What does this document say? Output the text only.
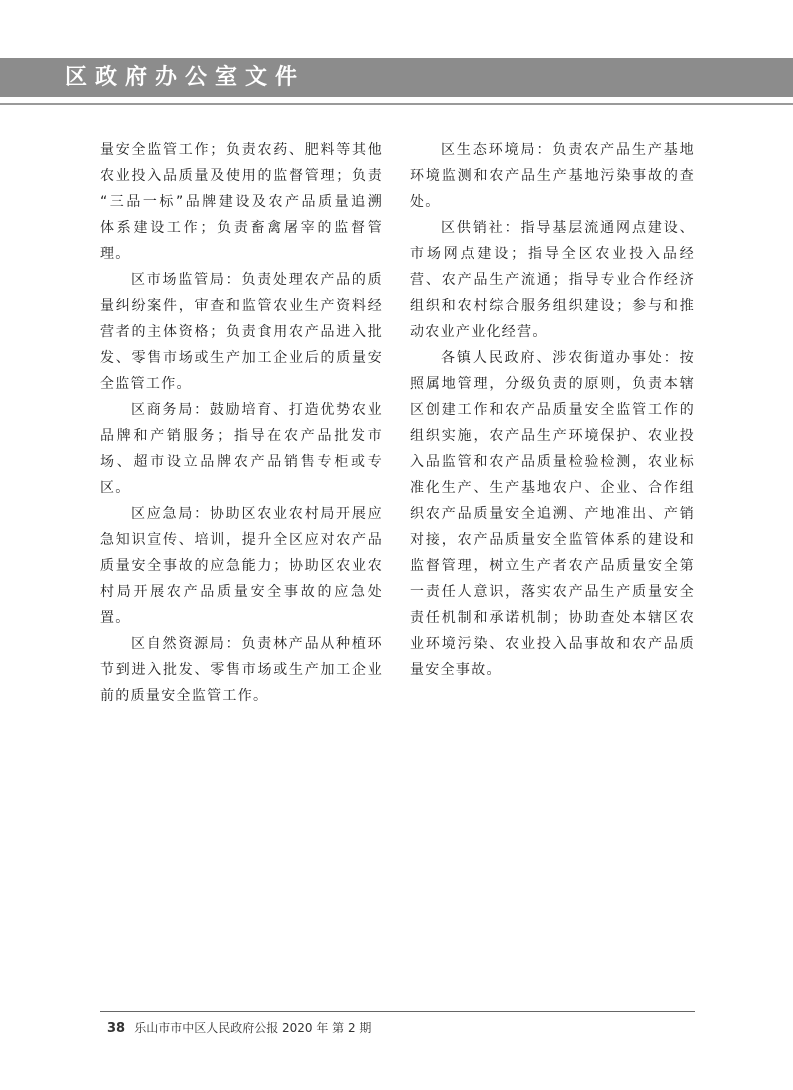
区政府办公室文件
量安全监管工作；负责农药、肥料等其他
农业投入品质量及使用的监督管理；负责
“三品一标”品牌建设及农产品质量追溯
体系建设工作；负责畜禽屠宰的监督管
理。
区市场监管局：负责处理农产品的质
量纠纷案件，审查和监管农业生产资料经
营者的主体资格；负责食用农产品进入批
发、零售市场或生产加工企业后的质量安
全监管工作。
区商务局：鼓励培育、打造优势农业
品牌和产销服务；指导在农产品批发市
场、超市设立品牌农产品销售专柜或专
区。
区应急局：协助区农业农村局开展应
急知识宣传、培训，提升全区应对农产品
质量安全事故的应急能力；协助区农业农
村局开展农产品质量安全事故的应急处
置。
区自然资源局：负责林产品从种植环
节到进入批发、零售市场或生产加工企业
前的质量安全监管工作。
区生态环境局：负责农产品生产基地
环境监测和农产品生产基地污染事故的查
处。
区供销社：指导基层流通网点建设、
市场网点建设；指导全区农业投入品经
营、农产品生产流通；指导专业合作经济
组织和农村综合服务组织建设；参与和推
动农业产业化经营。
各镇人民政府、涉农街道办事处：按
照属地管理，分级负责的原则，负责本辖
区创建工作和农产品质量安全监管工作的
组织实施，农产品生产环境保护、农业投
入品监管和农产品质量检验检测，农业标
准化生产、生产基地农户、企业、合作组
织农产品质量安全追溯、产地准出、产销
对接，农产品质量安全监管体系的建设和
监督管理，树立生产者农产品质量安全第
一责任人意识，落实农产品生产质量安全
责任机制和承诺机制；协助查处本辖区农
业环境污染、农业投入品事故和农产品质
量安全事故。
38 乐山市市中区人民政府公报 2020 年 第 2 期
